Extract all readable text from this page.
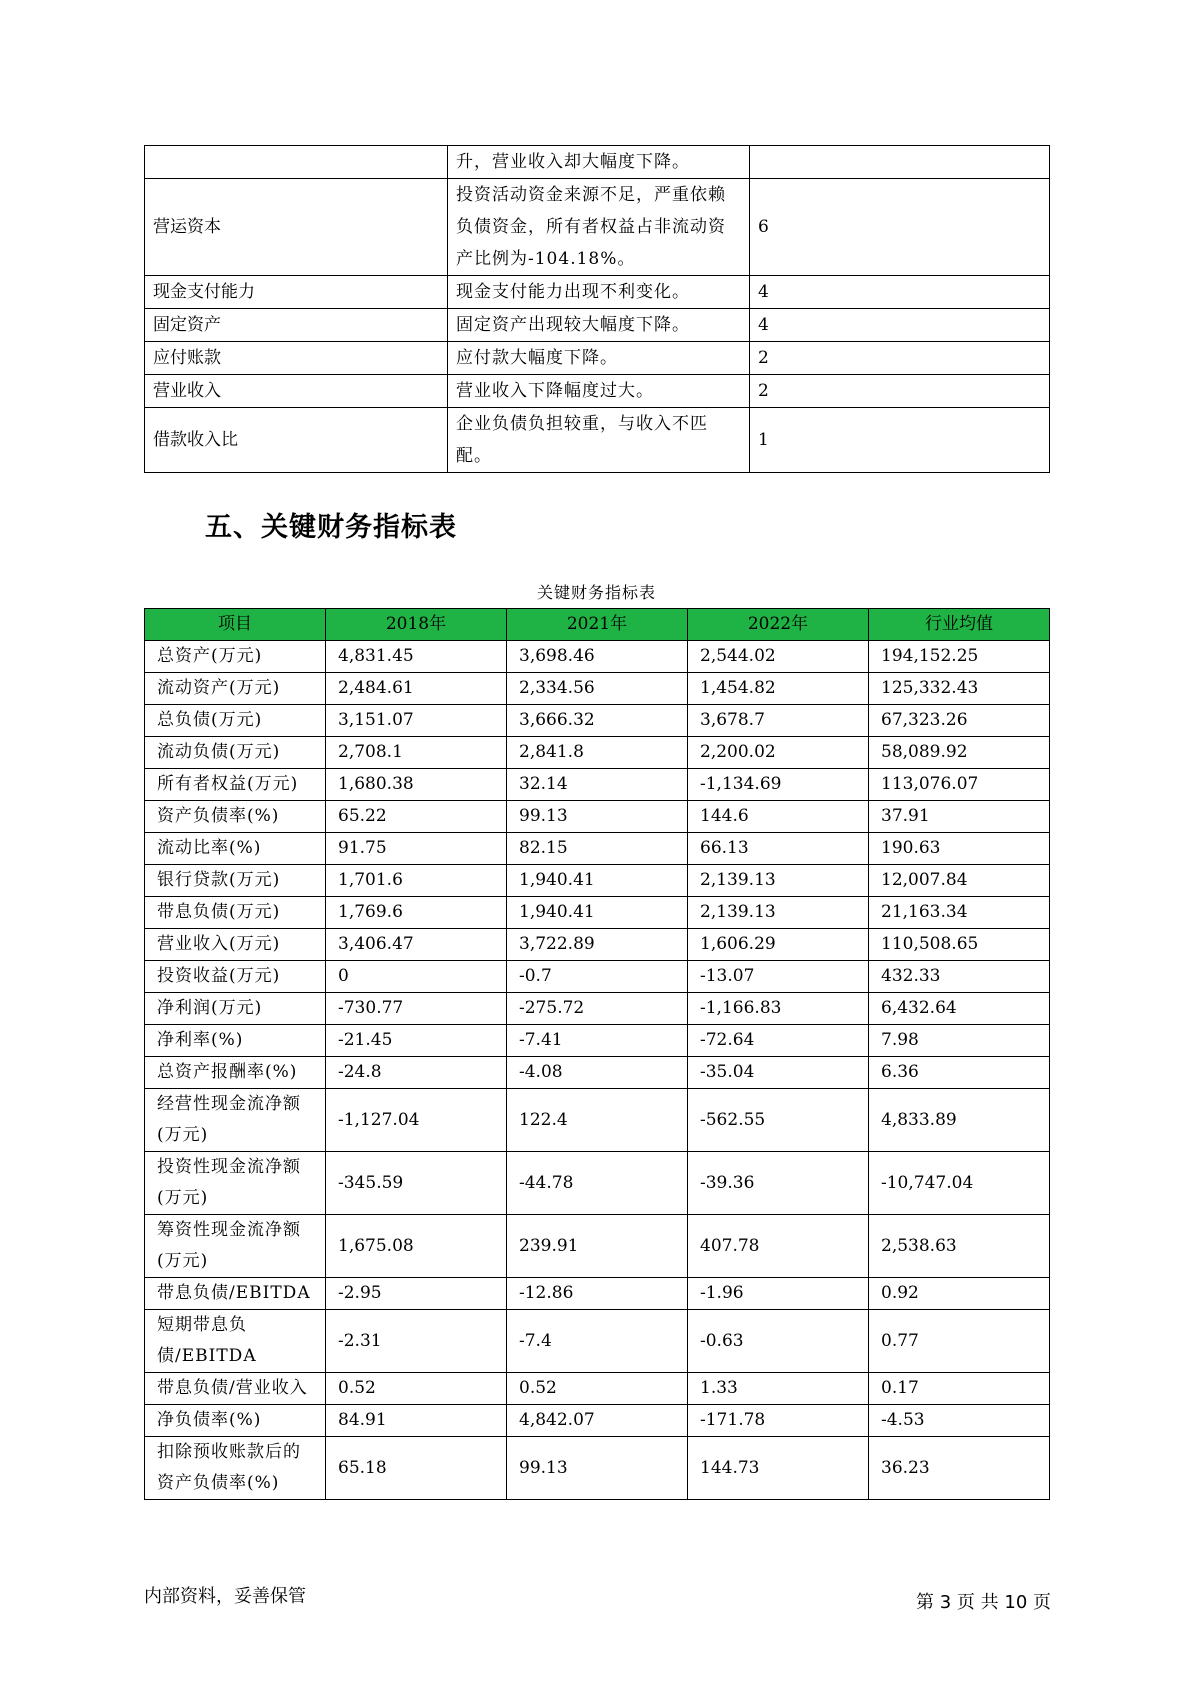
	升，营业收入却大幅度下降。	
营运资本	投资活动资金来源不足，严重依赖负债资金，所有者权益占非流动资产比例为-104.18%。	6
现金支付能力	现金支付能力出现不利变化。	4
固定资产	固定资产出现较大幅度下降。	4
应付账款	应付款大幅度下降。	2
营业收入	营业收入下降幅度过大。	2
借款收入比	企业负债负担较重，与收入不匹配。	1
五、关键财务指标表
关键财务指标表
项目	2018年	2021年	2022年	行业均值
总资产(万元)	4,831.45	3,698.46	2,544.02	194,152.25
流动资产(万元)	2,484.61	2,334.56	1,454.82	125,332.43
总负债(万元)	3,151.07	3,666.32	3,678.7	67,323.26
流动负债(万元)	2,708.1	2,841.8	2,200.02	58,089.92
所有者权益(万元)	1,680.38	32.14	-1,134.69	113,076.07
资产负债率(%)	65.22	99.13	144.6	37.91
流动比率(%)	91.75	82.15	66.13	190.63
银行贷款(万元)	1,701.6	1,940.41	2,139.13	12,007.84
带息负债(万元)	1,769.6	1,940.41	2,139.13	21,163.34
营业收入(万元)	3,406.47	3,722.89	1,606.29	110,508.65
投资收益(万元)	0	-0.7	-13.07	432.33
净利润(万元)	-730.77	-275.72	-1,166.83	6,432.64
净利率(%)	-21.45	-7.41	-72.64	7.98
总资产报酬率(%)	-24.8	-4.08	-35.04	6.36
经营性现金流净额(万元)	-1,127.04	122.4	-562.55	4,833.89
投资性现金流净额(万元)	-345.59	-44.78	-39.36	-10,747.04
筹资性现金流净额(万元)	1,675.08	239.91	407.78	2,538.63
带息负债/EBITDA	-2.95	-12.86	-1.96	0.92
短期带息负债/EBITDA	-2.31	-7.4	-0.63	0.77
带息负债/营业收入	0.52	0.52	1.33	0.17
净负债率(%)	84.91	4,842.07	-171.78	-4.53
扣除预收账款后的资产负债率(%)	65.18	99.13	144.73	36.23
内部资料，妥善保管	第 3 页 共 10 页
